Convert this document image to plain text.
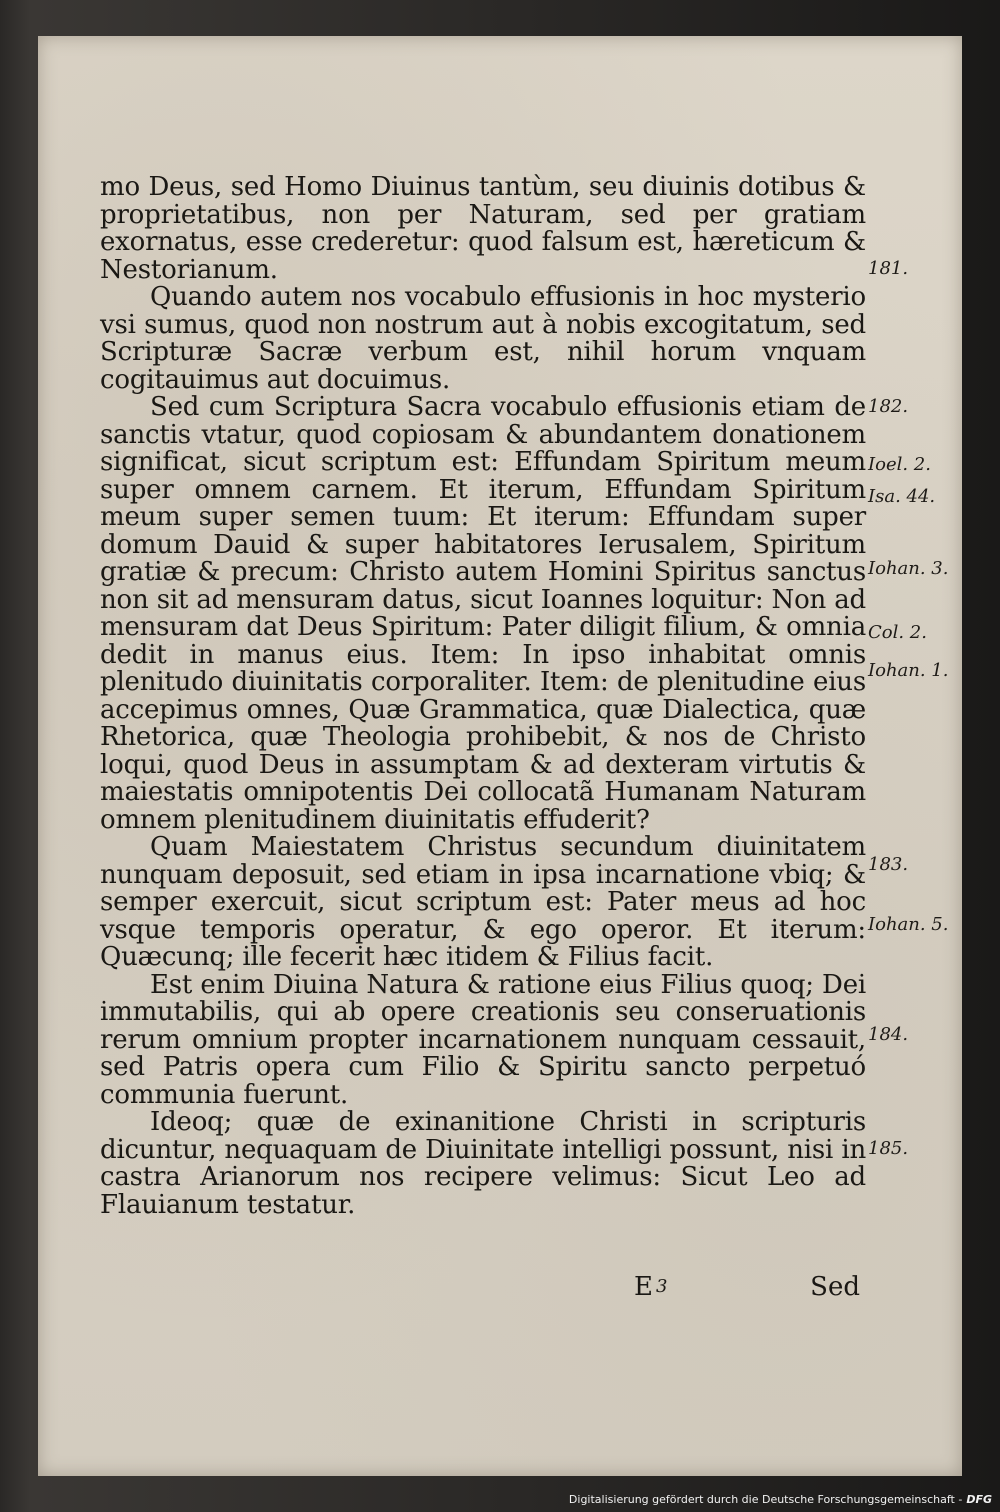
mo Deus, sed Homo Diuinus tantùm, seu diuinis dotibus & proprietatibus, non per Naturam, sed per gratiam exornatus, esse crederetur: quod falsum est, hæreticum & Nestorianum.

Quando autem nos vocabulo effusionis in hoc mysterio vsi sumus, quod non nostrum aut à nobis excogitatum, sed Scripturæ Sacræ verbum est, nihil horum vnquam cogitauimus aut docuimus.

Sed cum Scriptura Sacra vocabulo effusionis etiam de sanctis vtatur, quod copiosam & abundantem donationem significat, sicut scriptum est: Effundam Spiritum meum super omnem carnem. Et iterum, Effundam Spiritum meum super semen tuum: Et iterum: Effundam super domum Dauid & super habitatores Ierusalem, Spiritum gratiæ & precum: Christo autem Homini Spiritus sanctus non sit ad mensuram datus, sicut Ioannes loquitur: Non ad mensuram dat Deus Spiritum: Pater diligit filium, & omnia dedit in manus eius. Item: In ipso inhabitat omnis plenitudo diuinitatis corporaliter. Item: de plenitudine eius accepimus omnes, Quæ Grammatica, quæ Dialectica, quæ Rhetorica, quæ Theologia prohibebit, & nos de Christo loqui, quod Deus in assumptam & ad dexteram virtutis & maiestatis omnipotentis Dei collocatã Humanam Naturam omnem plenitudinem diuinitatis effuderit?

Quam Maiestatem Christus secundum diuinitatem nunquam deposuit, sed etiam in ipsa incarnatione vbiq; & semper exercuit, sicut scriptum est: Pater meus ad hoc vsque temporis operatur, & ego operor. Et iterum: Quæcunq; ille fecerit hæc itidem & Filius facit.

Est enim Diuina Natura & ratione eius Filius quoq; Dei immutabilis, qui ab opere creationis seu conseruationis rerum omnium propter incarnationem nunquam cessauit, sed Patris opera cum Filio & Spiritu sancto perpetuó communia fuerunt.

Ideoq; quæ de exinanitione Christi in scripturis dicuntur, nequaquam de Diuinitate intelligi possunt, nisi in castra Arianorum nos recipere velimus: Sicut Leo ad Flauianum testatur.

181.
182.
Ioel. 2.
Isa. 44.
Iohan. 3.
Col. 2.
Iohan. 1.
183.
Iohan. 5.
184.
185.
E 3	Sed
Digitalisierung gefördert durch die Deutsche Forschungsgemeinschaft - DFG
